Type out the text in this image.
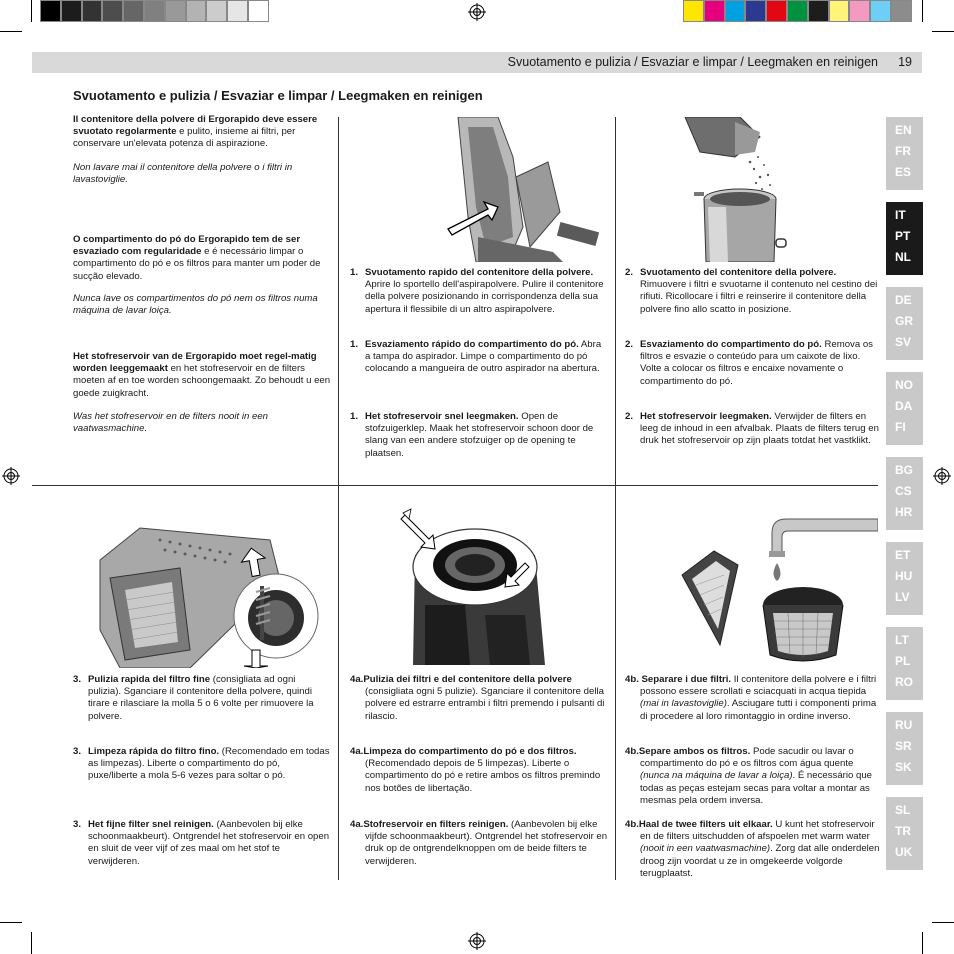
Svuotamento e pulizia / Esvaziar e limpar / Leegmaken en reinigen	19
Svuotamento e pulizia / Esvaziar e limpar / Leegmaken en reinigen
Il contenitore della polvere di Ergorapido deve essere svuotato regolarmente e pulito, insieme ai filtri, per conservare un'elevata potenza di aspirazione.
Non lavare mai il contenitore della polvere o i filtri in lavastoviglie.
O compartimento do pó do Ergorapido tem de ser esvaziado com regularidade e é necessário limpar o compartimento do pó e os filtros para manter um poder de sucção elevado.
Nunca lave os compartimentos do pó nem os filtros numa máquina de lavar loiça.
Het stofreservoir van de Ergorapido moet regel-matig worden leeggemaakt en het stofreservoir en de filters moeten af en toe worden schoongemaakt. Zo behoudt u een goede zuigkracht.
Was het stofreservoir en de filters nooit in een vaatwasmachine.
1. Svuotamento rapido del contenitore della polvere. Aprire lo sportello dell'aspirapolvere. Pulire il contenitore della polvere posizionando in corrispondenza della sua apertura il flessibile di un altro aspirapolvere.
1. Esvaziamento rápido do compartimento do pó. Abra a tampa do aspirador. Limpe o compartimento do pó colocando a mangueira de outro aspirador na abertura.
1. Het stofreservoir snel leegmaken. Open de stofzuigerklep. Maak het stofreservoir schoon door de slang van een andere stofzuiger op de opening te plaatsen.
2. Svuotamento del contenitore della polvere. Rimuovere i filtri e svuotarne il contenuto nel cestino dei rifiuti. Ricollocare i filtri e reinserire il contenitore della polvere fino allo scatto in posizione.
2. Esvaziamento do compartimento do pó. Remova os filtros e esvazie o conteúdo para um caixote de lixo. Volte a colocar os filtros e encaixe novamente o compartimento do pó.
2. Het stofreservoir leegmaken. Verwijder de filters en leeg de inhoud in een afvalbak. Plaats de filters terug en druk het stofreservoir op zijn plaats totdat het vastklikt.
3. Pulizia rapida del filtro fine (consigliata ad ogni pulizia). Sganciare il contenitore della polvere, quindi tirare e rilasciare la molla 5 o 6 volte per rimuovere la polvere.
3. Limpeza rápida do filtro fino. (Recomendado em todas as limpezas). Liberte o compartimento do pó, puxe/liberte a mola 5-6 vezes para soltar o pó.
3. Het fijne filter snel reinigen. (Aanbevolen bij elke schoonmaakbeurt). Ontgrendel het stofreservoir en open en sluit de veer vijf of zes maal om het stof te verwijderen.
4a.Pulizia dei filtri e del contenitore della polvere (consigliata ogni 5 pulizie). Sganciare il contenitore della polvere ed estrarre entrambi i filtri premendo i pulsanti di rilascio.
4a.Limpeza do compartimento do pó e dos filtros. (Recomendado depois de 5 limpezas). Liberte o compartimento do pó e retire ambos os filtros premindo nos botões de libertação.
4a.Stofreservoir en filters reinigen. (Aanbevolen bij elke vijfde schoonmaakbeurt). Ontgrendel het stofreservoir en druk op de ontgrendelknoppen om de beide filters te verwijderen.
4b. Separare i due filtri. Il contenitore della polvere e i filtri possono essere scrollati e sciacquati in acqua tiepida (mai in lavastoviglie). Asciugare tutti i componenti prima di procedere al loro rimontaggio in ordine inverso.
4b.Separe ambos os filtros. Pode sacudir ou lavar o compartimento do pó e os filtros com água quente (nunca na máquina de lavar a loiça). É necessário que todas as peças estejam secas para voltar a montar as mesmas pela ordem inversa.
4b.Haal de twee filters uit elkaar. U kunt het stofreservoir en de filters uitschudden of afspoelen met warm water (nooit in een vaatwasmachine). Zorg dat alle onderdelen droog zijn voordat u ze in omgekeerde volgorde terugplaatst.
EN
FR
ES
IT
PT
NL
DE
GR
SV
NO
DA
FI
BG
CS
HR
ET
HU
LV
LT
PL
RO
RU
SR
SK
SL
TR
UK
